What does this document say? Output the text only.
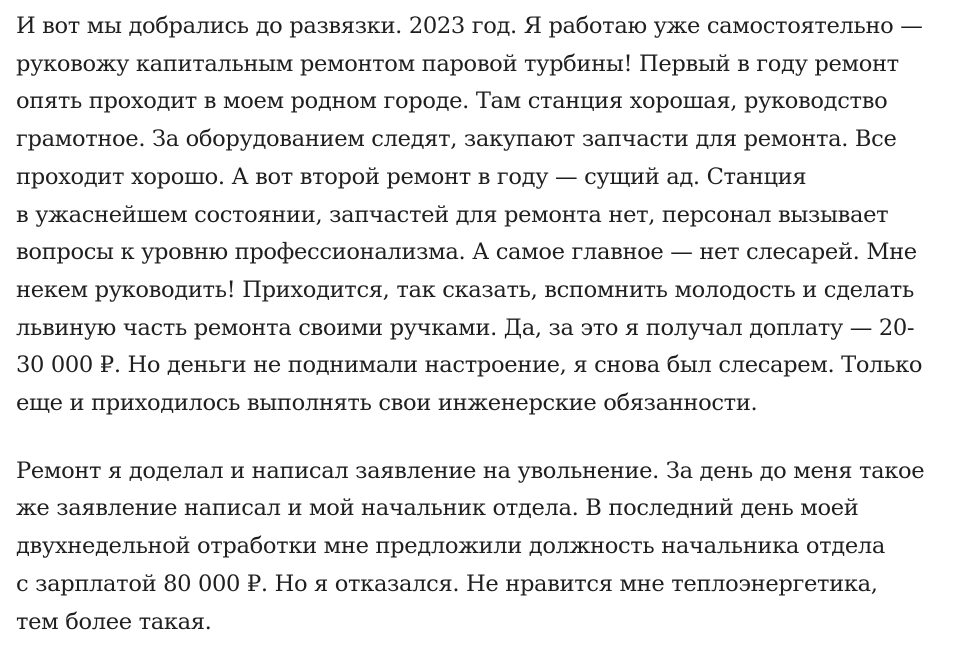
И вот мы добрались до развязки. 2023 год. Я работаю уже самостоятельно —
руковожу капитальным ремонтом паровой турбины! Первый в году ремонт
опять проходит в моем родном городе. Там станция хорошая, руководство
грамотное. За оборудованием следят, закупают запчасти для ремонта. Все
проходит хорошо. А вот второй ремонт в году — сущий ад. Станция
в ужаснейшем состоянии, запчастей для ремонта нет, персонал вызывает
вопросы к уровню профессионализма. А самое главное — нет слесарей. Мне
некем руководить! Приходится, так сказать, вспомнить молодость и сделать
львиную часть ремонта своими ручками. Да, за это я получал доплату — 20-
30 000 ₽. Но деньги не поднимали настроение, я снова был слесарем. Только
еще и приходилось выполнять свои инженерские обязанности.

Ремонт я доделал и написал заявление на увольнение. За день до меня такое
же заявление написал и мой начальник отдела. В последний день моей
двухнедельной отработки мне предложили должность начальника отдела
с зарплатой 80 000 ₽. Но я отказался. Не нравится мне теплоэнергетика,
тем более такая.
